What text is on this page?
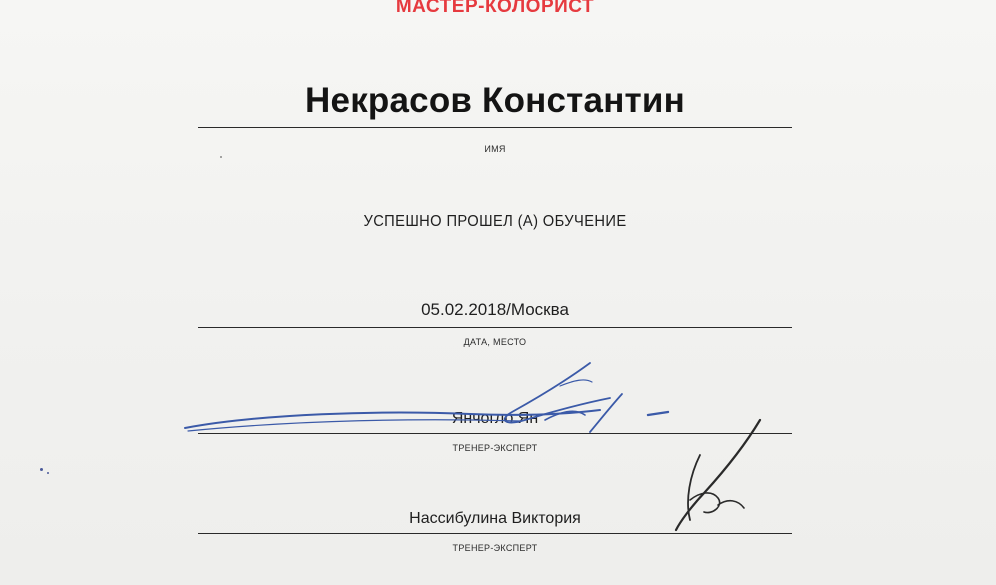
МАСТЕР-КОЛОРИСТ
Некрасов Константин
ИМЯ
УСПЕШНО ПРОШЕЛ (А) ОБУЧЕНИЕ
05.02.2018/Москва
ДАТА, МЕСТО
Янчогло Ян
ТРЕНЕР-ЭКСПЕРТ
Нассибулина Виктория
ТРЕНЕР-ЭКСПЕРТ
